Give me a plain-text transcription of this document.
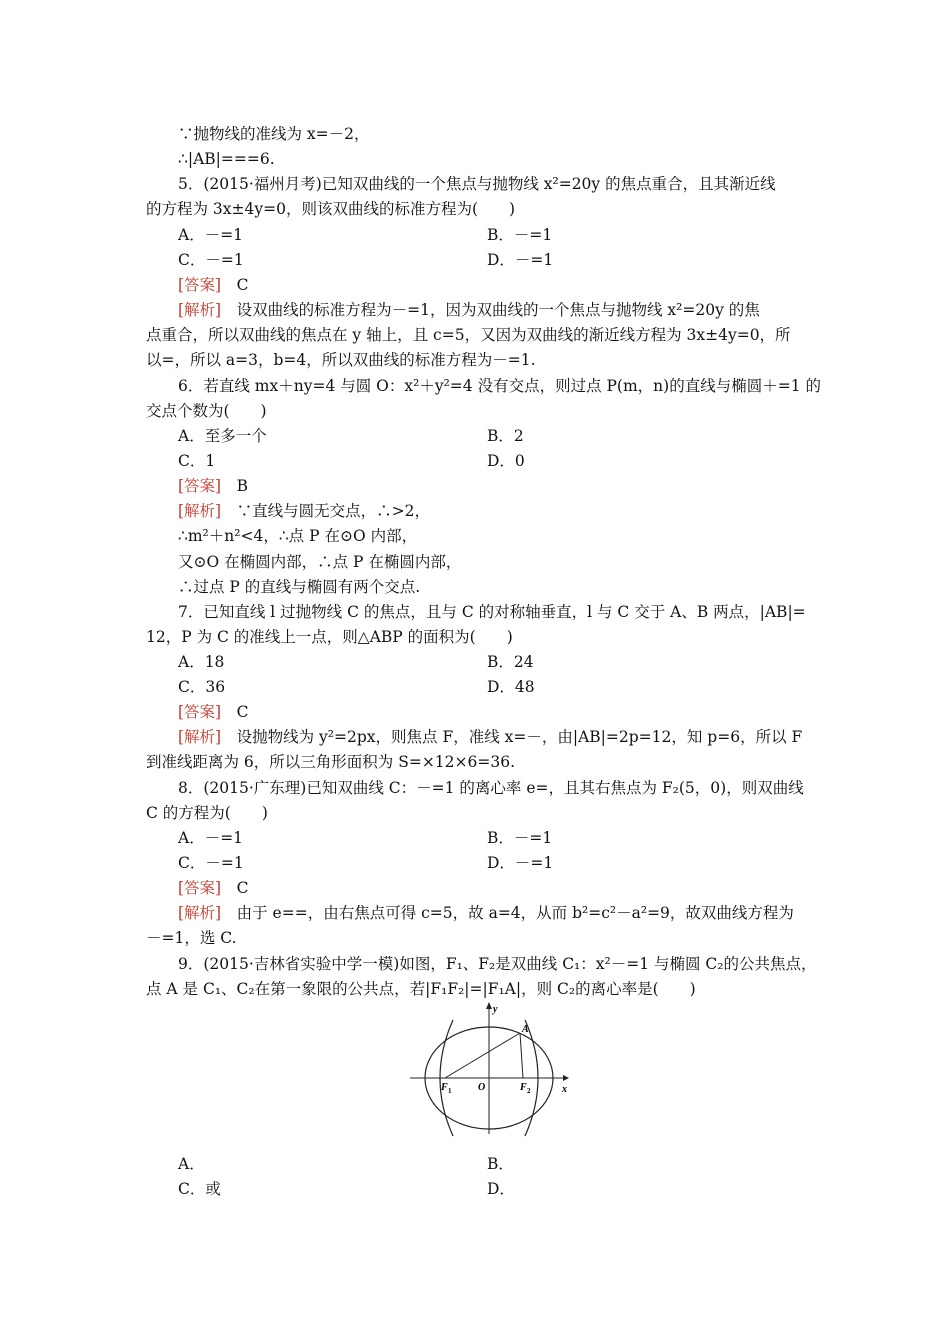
∵抛物线的准线为 x=－2，
∴|AB|===6.
5．(2015·福州月考)已知双曲线的一个焦点与抛物线 x²=20y 的焦点重合，且其渐近线
的方程为 3x±4y=0，则该双曲线的标准方程为(　　)
A．－=1	B．－=1
C．－=1	D．－=1
[答案]　 C
[解析]　 设双曲线的标准方程为－=1，因为双曲线的一个焦点与抛物线 x²=20y 的焦
点重合，所以双曲线的焦点在 y 轴上，且 c=5，又因为双曲线的渐近线方程为 3x±4y=0，所
以=，所以 a=3，b=4，所以双曲线的标准方程为－=1.
6．若直线 mx＋ny=4 与圆 O：x²＋y²=4 没有交点，则过点 P(m，n)的直线与椭圆＋=1 的
交点个数为(　　)
A．至多一个	B．2
C．1	D．0
[答案]　 B
[解析]　 ∵直线与圆无交点，∴>2，
∴m²＋n²<4，∴点 P 在⊙O 内部，
又⊙O 在椭圆内部，∴点 P 在椭圆内部，
∴过点 P 的直线与椭圆有两个交点.
7．已知直线 l 过抛物线 C 的焦点，且与 C 的对称轴垂直，l 与 C 交于 A、B 两点，|AB|=
12，P 为 C 的准线上一点，则△ABP 的面积为(　　)
A．18	B．24
C．36	D．48
[答案]　 C
[解析]　 设抛物线为 y²=2px，则焦点 F，准线 x=－，由|AB|=2p=12，知 p=6，所以 F
到准线距离为 6，所以三角形面积为 S=×12×6=36.
8．(2015·广东理)已知双曲线 C：－=1 的离心率 e=，且其右焦点为 F₂(5，0)，则双曲线
C 的方程为(　　)
A．－=1	B．－=1
C．－=1	D．－=1
[答案]　 C
[解析]　 由于 e==，由右焦点可得 c=5，故 a=4，从而 b²=c²－a²=9，故双曲线方程为
－=1，选 C.
9．(2015·吉林省实验中学一模)如图，F₁、F₂是双曲线 C₁：x²－=1 与椭圆 C₂的公共焦点，
点 A 是 C₁、C₂在第一象限的公共点，若|F₁F₂|=|F₁A|，则 C₂的离心率是(　　)
y
x
O
A
F 1	F 2
A．	B．
C．或	D．
